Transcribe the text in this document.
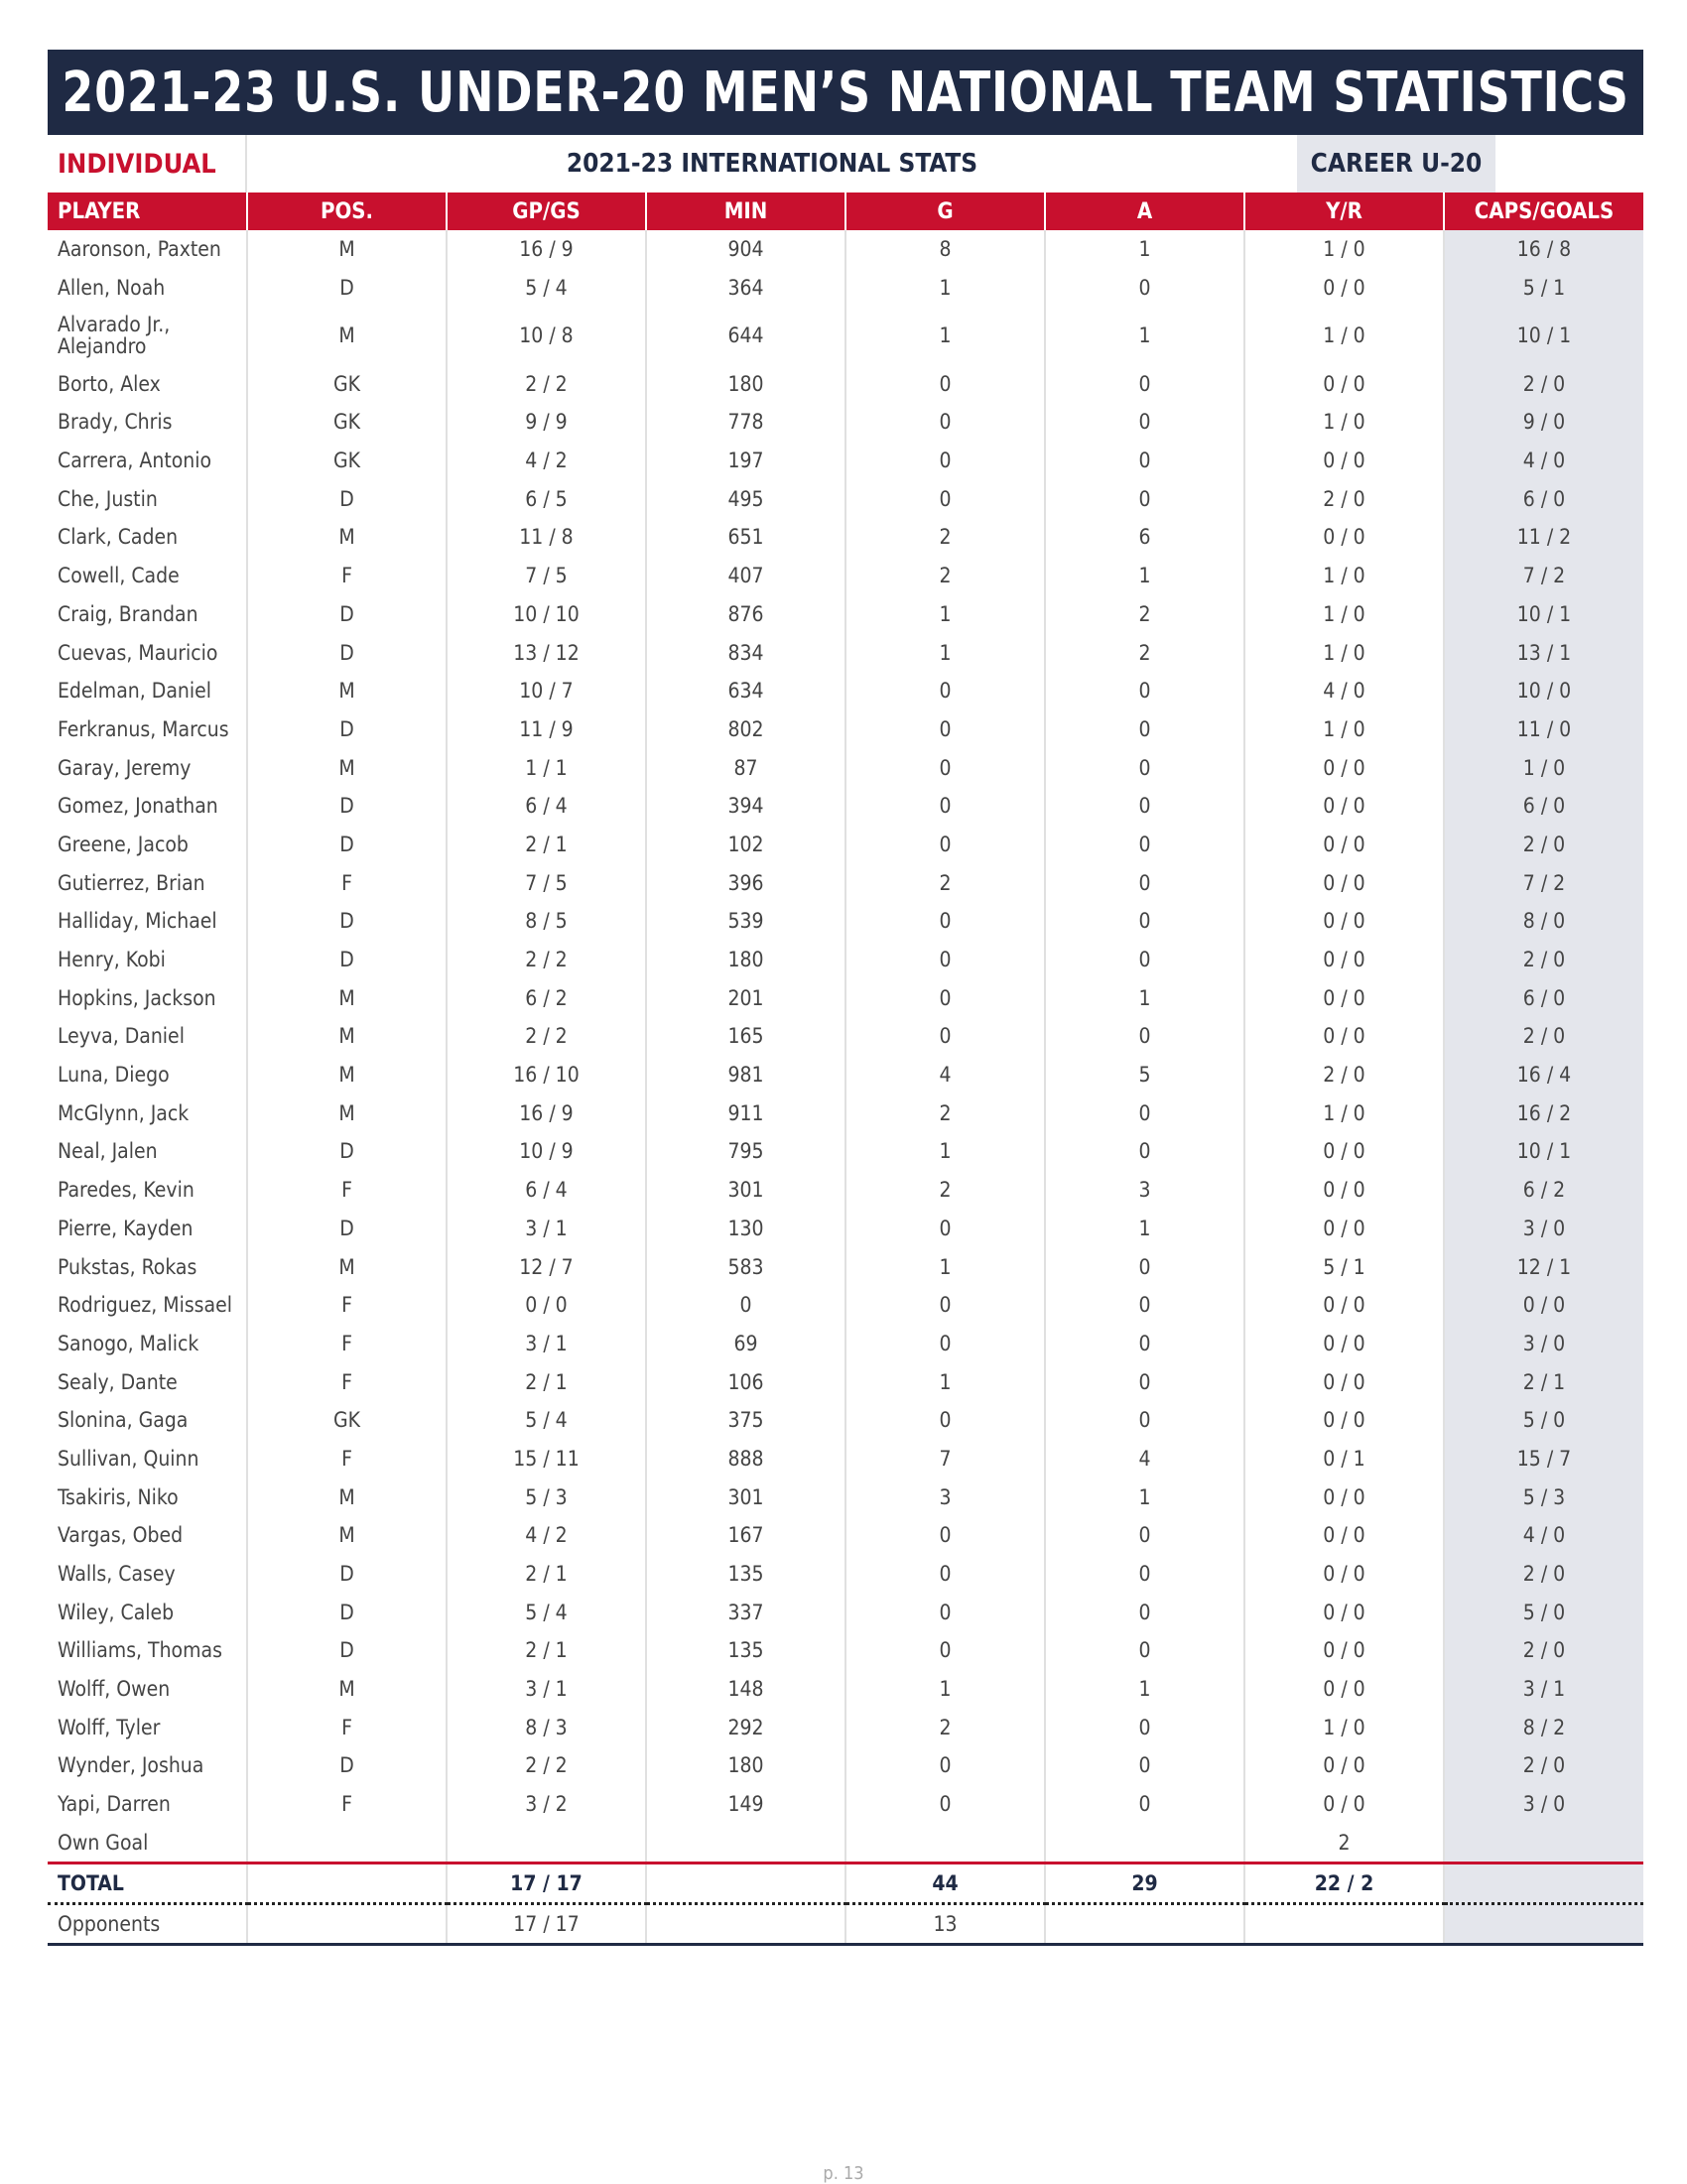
2021-23 U.S. UNDER-20 MEN’S NATIONAL TEAM STATISTICS
INDIVIDUAL	2021-23 INTERNATIONAL STATS	CAREER U-20
PLAYER	POS.	GP/GS	MIN	G	A	Y/R	CAPS/GOALS
Aaronson, Paxten	M	16 / 9	904	8	1	1 / 0	16 / 8
Allen, Noah	D	5 / 4	364	1	0	0 / 0	5 / 1
Alvarado Jr., Alejandro	M	10 / 8	644	1	1	1 / 0	10 / 1
Borto, Alex	GK	2 / 2	180	0	0	0 / 0	2 / 0
Brady, Chris	GK	9 / 9	778	0	0	1 / 0	9 / 0
Carrera, Antonio	GK	4 / 2	197	0	0	0 / 0	4 / 0
Che, Justin	D	6 / 5	495	0	0	2 / 0	6 / 0
Clark, Caden	M	11 / 8	651	2	6	0 / 0	11 / 2
Cowell, Cade	F	7 / 5	407	2	1	1 / 0	7 / 2
Craig, Brandan	D	10 / 10	876	1	2	1 / 0	10 / 1
Cuevas, Mauricio	D	13 / 12	834	1	2	1 / 0	13 / 1
Edelman, Daniel	M	10 / 7	634	0	0	4 / 0	10 / 0
Ferkranus, Marcus	D	11 / 9	802	0	0	1 / 0	11 / 0
Garay, Jeremy	M	1 / 1	87	0	0	0 / 0	1 / 0
Gomez, Jonathan	D	6 / 4	394	0	0	0 / 0	6 / 0
Greene, Jacob	D	2 / 1	102	0	0	0 / 0	2 / 0
Gutierrez, Brian	F	7 / 5	396	2	0	0 / 0	7 / 2
Halliday, Michael	D	8 / 5	539	0	0	0 / 0	8 / 0
Henry, Kobi	D	2 / 2	180	0	0	0 / 0	2 / 0
Hopkins, Jackson	M	6 / 2	201	0	1	0 / 0	6 / 0
Leyva, Daniel	M	2 / 2	165	0	0	0 / 0	2 / 0
Luna, Diego	M	16 / 10	981	4	5	2 / 0	16 / 4
McGlynn, Jack	M	16 / 9	911	2	0	1 / 0	16 / 2
Neal, Jalen	D	10 / 9	795	1	0	0 / 0	10 / 1
Paredes, Kevin	F	6 / 4	301	2	3	0 / 0	6 / 2
Pierre, Kayden	D	3 / 1	130	0	1	0 / 0	3 / 0
Pukstas, Rokas	M	12 / 7	583	1	0	5 / 1	12 / 1
Rodriguez, Missael	F	0 / 0	0	0	0	0 / 0	0 / 0
Sanogo, Malick	F	3 / 1	69	0	0	0 / 0	3 / 0
Sealy, Dante	F	2 / 1	106	1	0	0 / 0	2 / 1
Slonina, Gaga	GK	5 / 4	375	0	0	0 / 0	5 / 0
Sullivan, Quinn	F	15 / 11	888	7	4	0 / 1	15 / 7
Tsakiris, Niko	M	5 / 3	301	3	1	0 / 0	5 / 3
Vargas, Obed	M	4 / 2	167	0	0	0 / 0	4 / 0
Walls, Casey	D	2 / 1	135	0	0	0 / 0	2 / 0
Wiley, Caleb	D	5 / 4	337	0	0	0 / 0	5 / 0
Williams, Thomas	D	2 / 1	135	0	0	0 / 0	2 / 0
Wolff, Owen	M	3 / 1	148	1	1	0 / 0	3 / 1
Wolff, Tyler	F	8 / 3	292	2	0	1 / 0	8 / 2
Wynder, Joshua	D	2 / 2	180	0	0	0 / 0	2 / 0
Yapi, Darren	F	3 / 2	149	0	0	0 / 0	3 / 0
Own Goal						2	
TOTAL		17 / 17		44	29	22 / 2	
Opponents		17 / 17		13			
p. 13
